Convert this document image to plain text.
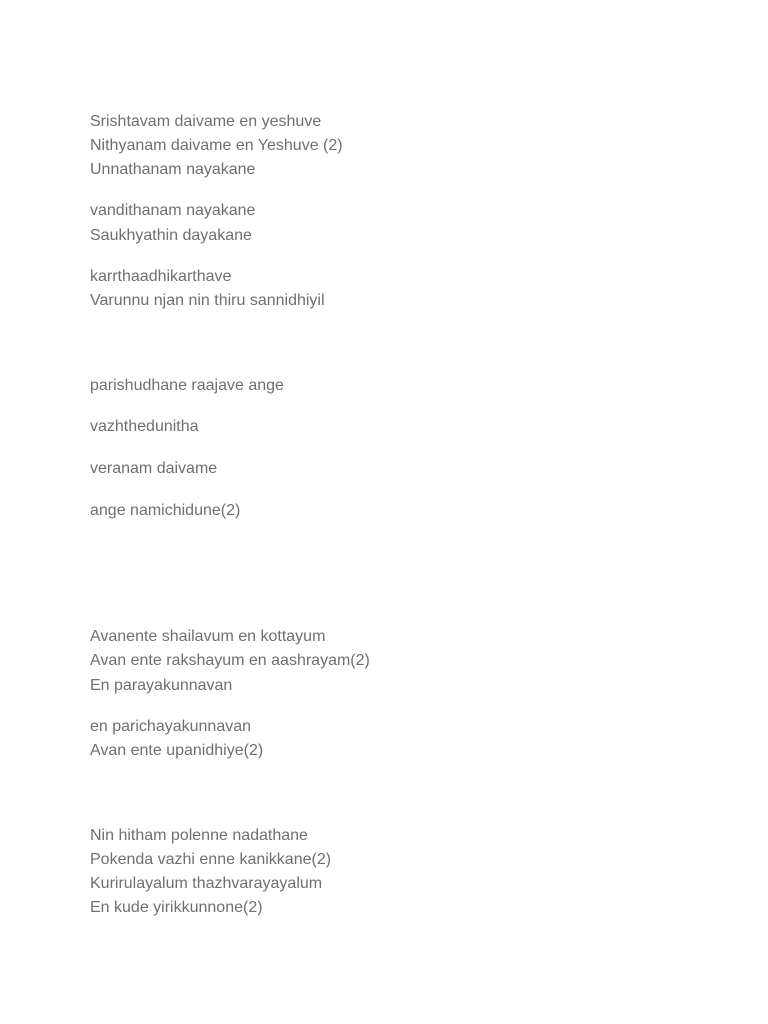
Srishtavam daivame en yeshuve

Nithyanam daivame en Yeshuve (2)

Unnathanam nayakane

vandithanam nayakane

Saukhyathin dayakane

karrthaadhikarthave

Varunnu njan nin thiru sannidhiyil

parishudhane raajave ange

vazhthedunitha

veranam daivame

ange namichidune(2)

Avanente shailavum en kottayum

Avan ente rakshayum en aashrayam(2)

En parayakunnavan

en parichayakunnavan

Avan ente upanidhiye(2)

Nin hitham polenne nadathane

Pokenda vazhi enne kanikkane(2)

Kurirulayalum thazhvarayayalum

En kude yirikkunnone(2)
